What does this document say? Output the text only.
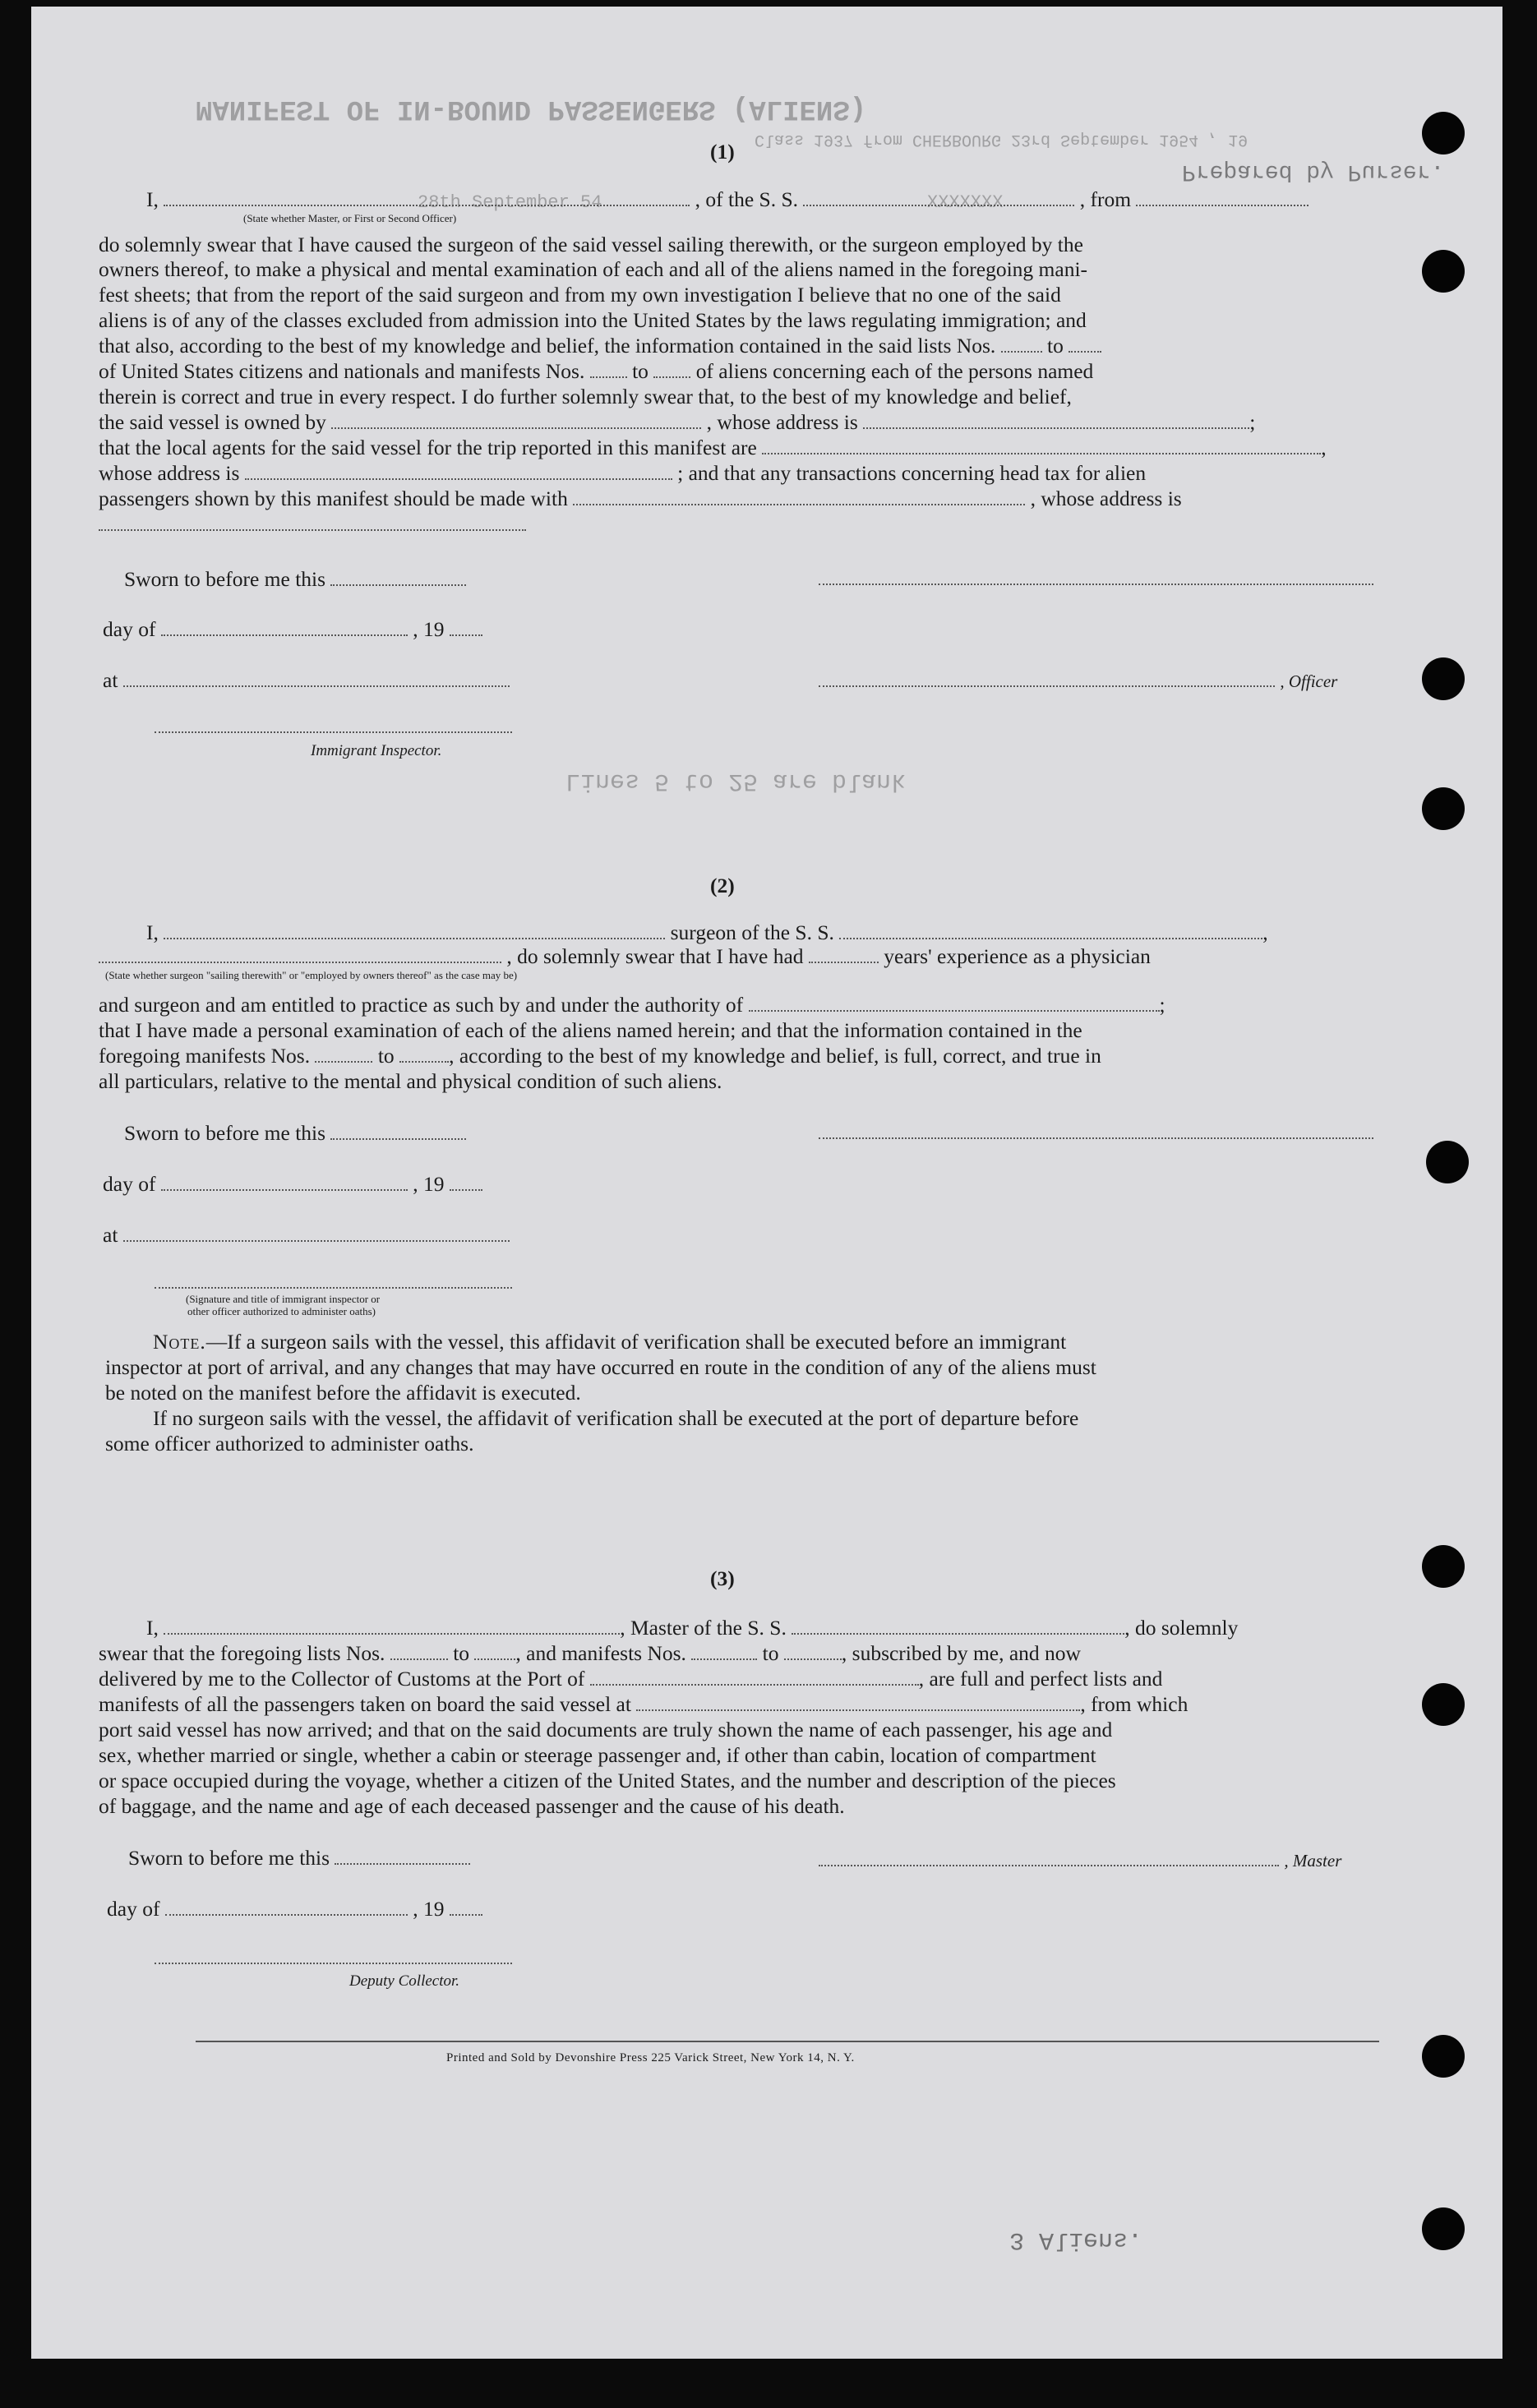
MANIFEST OF IN-BOUND PASSENGERS (ALIENS)
Class 1937 from CHERBOURG 23rd September 1954 , 19
Prepared by Purser.
28th September 54	XXXXXXX
Lines 5 to 25 are blank
3 Aliens.
(1)
I,	, of the S. S.	, from
(State whether Master, or First or Second Officer)
do solemnly swear that I have caused the surgeon of the said vessel sailing therewith, or the surgeon employed by the
owners thereof, to make a physical and mental examination of each and all of the aliens named in the foregoing mani-
fest sheets; that from the report of the said surgeon and from my own investigation I believe that no one of the said
aliens is of any of the classes excluded from admission into the United States by the laws regulating immigration; and
that also, according to the best of my knowledge and belief, the information contained in the said lists Nos. to
of United States citizens and nationals and manifests Nos. to of aliens concerning each of the persons named
therein is correct and true in every respect. I do further solemnly swear that, to the best of my knowledge and belief,
the said vessel is owned by	, whose address is	;
that the local agents for the said vessel for the trip reported in this manifest are	,
whose address is	; and that any transactions concerning head tax for alien
passengers shown by this manifest should be made with	, whose address is
Sworn to before me this
day of	, 19
at	, Officer
Immigrant Inspector.
(2)
I,	surgeon of the S. S.	,
, do solemnly swear that I have had	years' experience as a physician
(State whether surgeon "sailing therewith" or "employed by owners thereof" as the case may be)
and surgeon and am entitled to practice as such by and under the authority of	;
that I have made a personal examination of each of the aliens named herein; and that the information contained in the
foregoing manifests Nos.	to	, according to the best of my knowledge and belief, is full, correct, and true in
all particulars, relative to the mental and physical condition of such aliens.
Sworn to before me this
day of	, 19
at
(Signature and title of immigrant inspector or
other officer authorized to administer oaths)
Note.—If a surgeon sails with the vessel, this affidavit of verification shall be executed before an immigrant
inspector at port of arrival, and any changes that may have occurred en route in the condition of any of the aliens must
be noted on the manifest before the affidavit is executed.
If no surgeon sails with the vessel, the affidavit of verification shall be executed at the port of departure before
some officer authorized to administer oaths.
(3)
I,	, Master of the S. S.	, do solemnly
swear that the foregoing lists Nos.	to , and manifests Nos.	to	, subscribed by me, and now
delivered by me to the Collector of Customs at the Port of	, are full and perfect lists and
manifests of all the passengers taken on board the said vessel at	, from which
port said vessel has now arrived; and that on the said documents are truly shown the name of each passenger, his age and
sex, whether married or single, whether a cabin or steerage passenger and, if other than cabin, location of compartment
or space occupied during the voyage, whether a citizen of the United States, and the number and description of the pieces
of baggage, and the name and age of each deceased passenger and the cause of his death.
Sworn to before me this	, Master
day of	, 19
Deputy Collector.
Printed and Sold by Devonshire Press 225 Varick Street, New York 14, N. Y.
